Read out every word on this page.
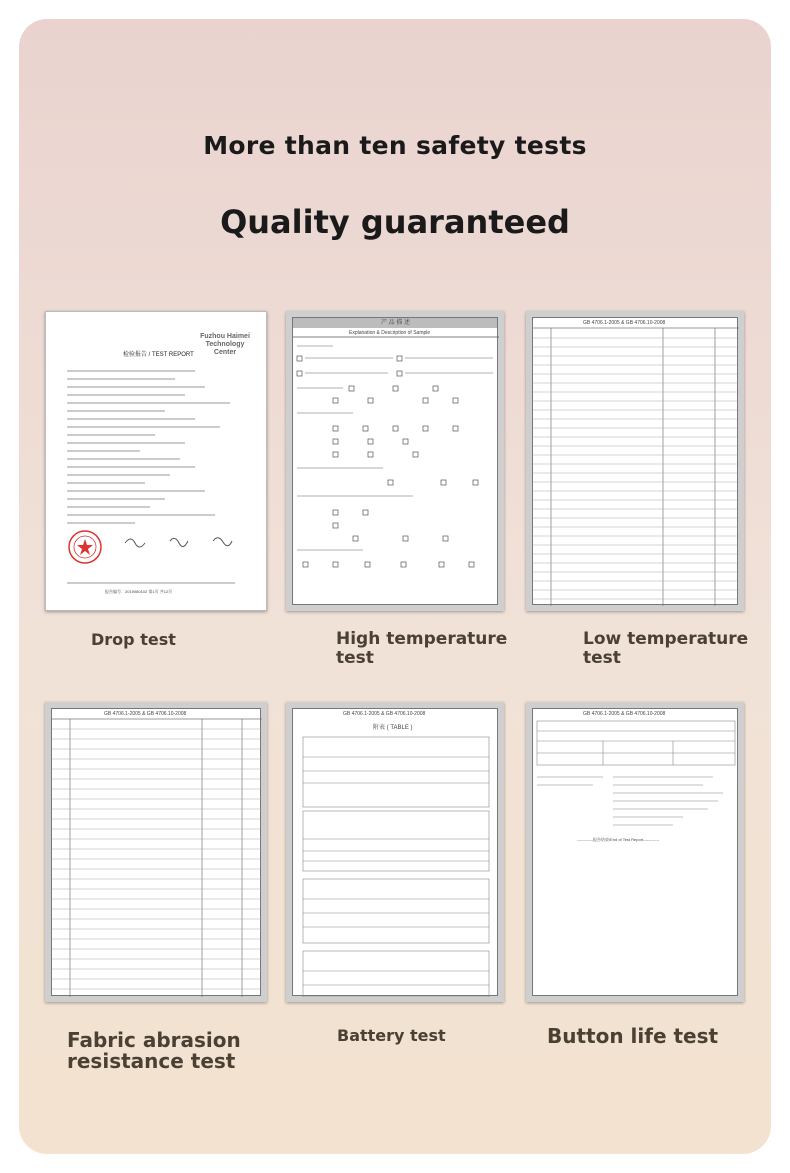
More than ten safety tests
Quality guaranteed
Fuzhou Haimei Technology
Center
检验报告 / TEST REPORT
报告编号：2019080102 第1页 共12页
产 品 描 述
Explanation & Description of Sample
GB 4706.1-2005 & GB 4706.10-2008
GB 4706.1-2005 & GB 4706.10-2008	GB 4706.1-2005 & GB 4706.10-2008
附表 ( TABLE )
GB 4706.1-2005 & GB 4706.10-2008
------------报告结束/End of Test Report------------
Drop test	High temperature
test
Low temperature
test
Fabric abrasion
resistance test
Battery test	Button life test
